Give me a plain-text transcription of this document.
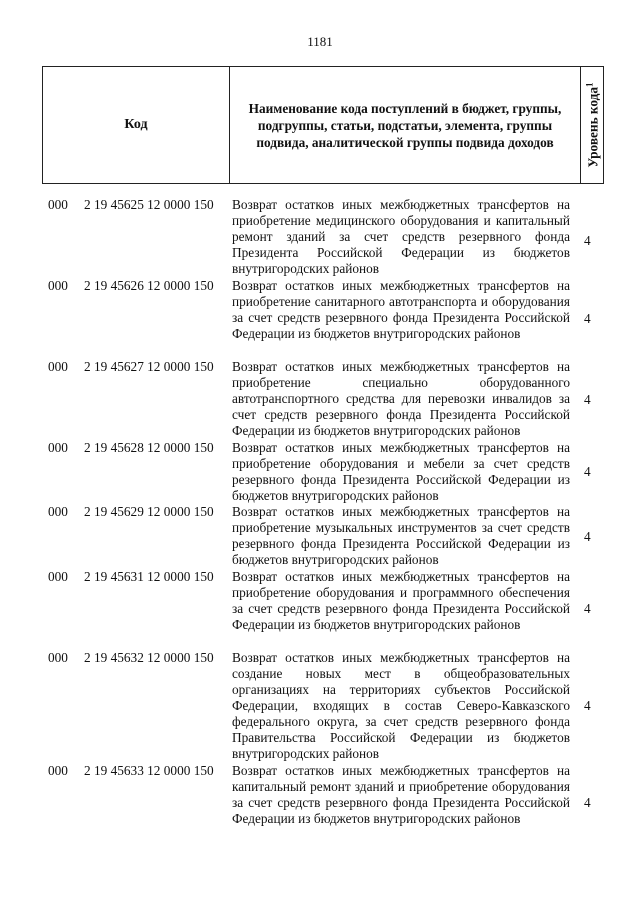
1181
Код
Наименование кода поступлений в бюджет, группы, подгруппы, статьи, подстатьи, элемента, группы подвида, аналитической группы подвида доходов	Уровень кода$^1$
000 2 19 45625 12 0000 150 Возврат остатков иных межбюджетных трансфертов на приобретение медицинского оборудования и капитальный ремонт зданий за счет средств резервного фонда Президента Российской Федерации из бюджетов внутригородских районов
4
000 2 19 45626 12 0000 150 Возврат остатков иных межбюджетных трансфертов на приобретение санитарного автотранспорта и оборудования за счет средств резервного фонда Президента Российской Федерации из бюджетов внутригородских районов
4
000 2 19 45627 12 0000 150 Возврат остатков иных межбюджетных трансфертов на приобретение специально оборудованного автотранспортного средства для перевозки инвалидов за счет средств резервного фонда Президента Российской Федерации из бюджетов внутригородских районов
4
000 2 19 45628 12 0000 150 Возврат остатков иных межбюджетных трансфертов на приобретение оборудования и мебели за счет средств резервного фонда Президента Российской Федерации из бюджетов внутригородских районов
4
000 2 19 45629 12 0000 150 Возврат остатков иных межбюджетных трансфертов на приобретение музыкальных инструментов за счет средств резервного фонда Президента Российской Федерации из бюджетов внутригородских районов
4
000 2 19 45631 12 0000 150 Возврат остатков иных межбюджетных трансфертов на приобретение оборудования и программного обеспечения за счет средств резервного фонда Президента Российской Федерации из бюджетов внутригородских районов
4
000 2 19 45632 12 0000 150 Возврат остатков иных межбюджетных трансфертов на создание новых мест в общеобразовательных организациях на территориях субъектов Российской Федерации, входящих в состав Северо-Кавказского федерального округа, за счет средств резервного фонда Правительства Российской Федерации из бюджетов внутригородских районов
4
000 2 19 45633 12 0000 150 Возврат остатков иных межбюджетных трансфертов на капитальный ремонт зданий и приобретение оборудования за счет средств резервного фонда Президента Российской Федерации из бюджетов внутригородских районов
4
